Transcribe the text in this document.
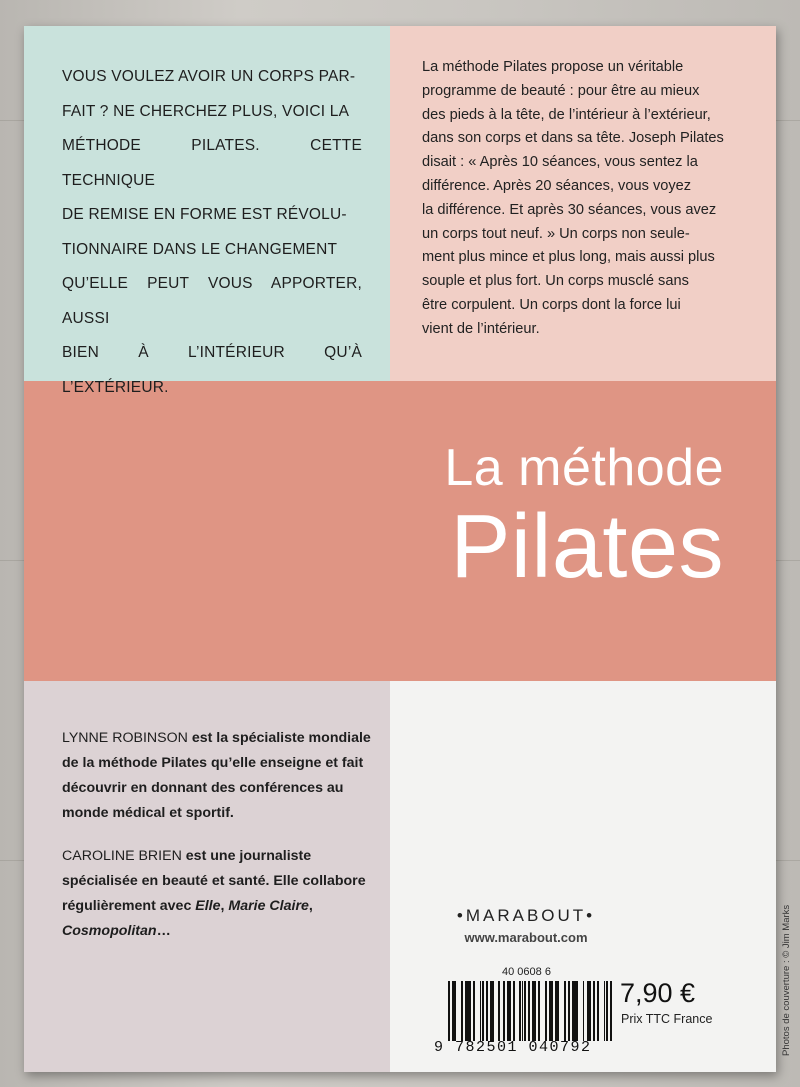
VOUS VOULEZ AVOIR UN CORPS PAR-
FAIT ? NE CHERCHEZ PLUS, VOICI LA
MÉTHODE PILATES. CETTE TECHNIQUE
DE REMISE EN FORME EST RÉVOLU-
TIONNAIRE DANS LE CHANGEMENT
QU’ELLE PEUT VOUS APPORTER, AUSSI
BIEN À L’INTÉRIEUR QU’À L’EXTÉRIEUR.
La méthode Pilates propose un véritable
programme de beauté : pour être au mieux
des pieds à la tête, de l’intérieur à l’extérieur,
dans son corps et dans sa tête. Joseph Pilates
disait : « Après 10 séances, vous sentez la
différence. Après 20 séances, vous voyez
la différence. Et après 30 séances, vous avez
un corps tout neuf. » Un corps non seule-
ment plus mince et plus long, mais aussi plus
souple et plus fort. Un corps musclé sans
être corpulent. Un corps dont la force lui
vient de l’intérieur.
La méthode
Pilates
LYNNE ROBINSON est la spécialiste mondiale de la méthode Pilates qu’elle enseigne et fait découvrir en donnant des conférences au monde médical et sportif.
CAROLINE BRIEN est une journaliste spécialisée en beauté et santé. Elle collabore régulièrement avec Elle, Marie Claire,
Cosmopolitan…
•MARABOUT•
www.marabout.com
40 0608 6
9 782501 040792
7,90 €
Prix TTC France	Photos de couverture : © Jim Marks
